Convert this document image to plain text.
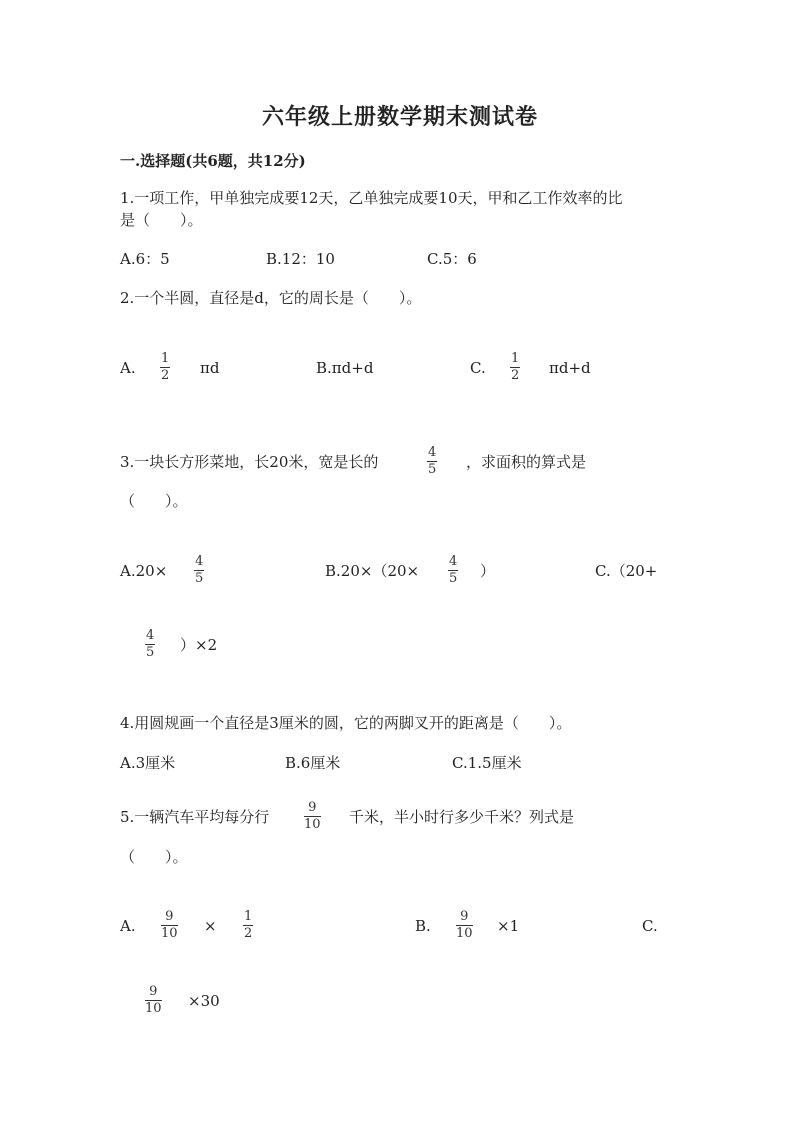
六年级上册数学期末测试卷
一.选择题(共6题，共12分)
1.一项工作，甲单独完成要12天，乙单独完成要10天，甲和乙工作效率的比
是（　　）。
A.6：5	B.12：10	C.5：6
2.一个半圆，直径是d，它的周长是（　　）。
A.
1
2 πd	B.πd+d	C.
1
2 πd+d
3.一块长方形菜地，长20米，宽是长的
4
5 ，求面积的算式是
（　　）。
A.20×
4
5	B.20×（20×
4
5 ）	C.（20+
4
5 ）×2
4.用圆规画一个直径是3厘米的圆，它的两脚叉开的距离是（　　）。
A.3厘米	B.6厘米	C.1.5厘米
5.一辆汽车平均每分行
9
10 千米，半小时行多少千米？列式是
（　　）。
A.
9
10 ×
1
2	B.
9
10 ×1	C.
9
10 ×30
